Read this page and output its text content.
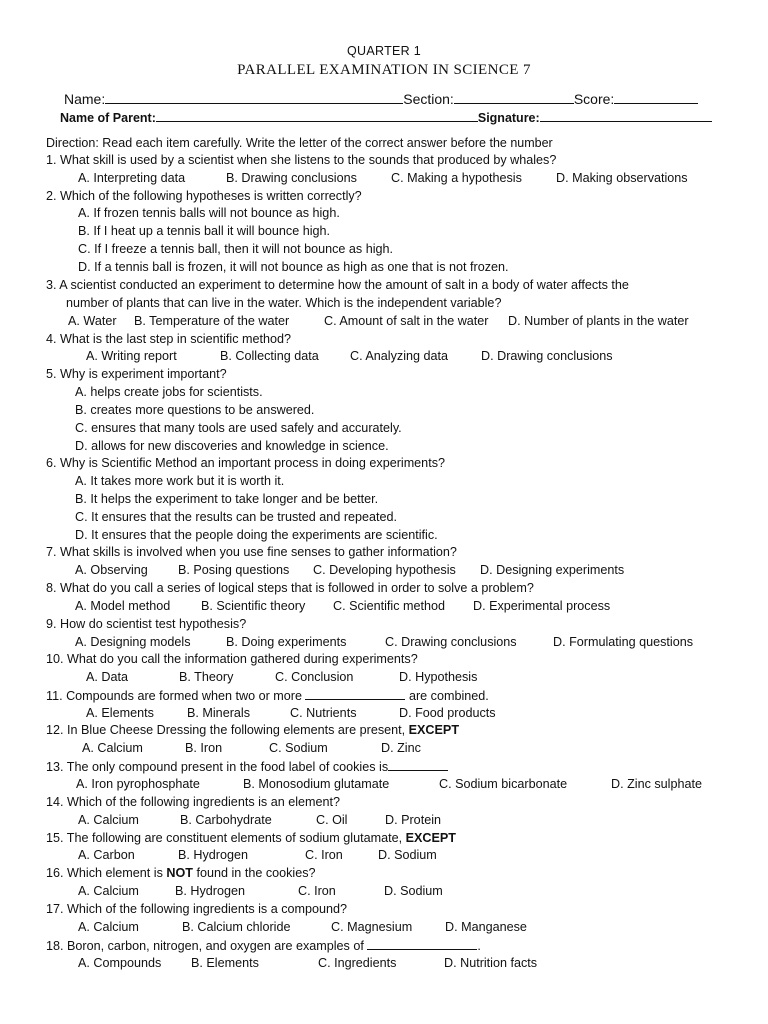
QUARTER 1
PARALLEL EXAMINATION IN SCIENCE 7
Name:	Section:	Score:
Name of Parent:	Signature:
Direction: Read each item carefully. Write the letter of the correct answer before the number
1. What skill is used by a scientist when she listens to the sounds that produced by whales?
A. Interpreting data	B. Drawing conclusions	C. Making a hypothesis	D. Making observations
2. Which of the following hypotheses is written correctly?
A. If frozen tennis balls will not bounce as high.
B. If I heat up a tennis ball it will bounce high.
C. If I freeze a tennis ball, then it will not bounce as high.
D. If a tennis ball is frozen, it will not bounce as high as one that is not frozen.
3. A scientist conducted an experiment to determine how the amount of salt in a body of water affects the
number of plants that can live in the water. Which is the independent variable?
A. Water B. Temperature of the water	C. Amount of salt in the water D. Number of plants in the water
4. What is the last step in scientific method?
A. Writing report	B. Collecting data C. Analyzing data	D. Drawing conclusions
5. Why is experiment important?
A. helps create jobs for scientists.
B. creates more questions to be answered.
C. ensures that many tools are used safely and accurately.
D. allows for new discoveries and knowledge in science.
6. Why is Scientific Method an important process in doing experiments?
A. It takes more work but it is worth it.
B. It helps the experiment to take longer and be better.
C. It ensures that the results can be trusted and repeated.
D. It ensures that the people doing the experiments are scientific.
7. What skills is involved when you use fine senses to gather information?
A. Observing B. Posing questions C. Developing hypothesis D. Designing experiments
8. What do you call a series of logical steps that is followed in order to solve a problem?
A. Model method B. Scientific theory C. Scientific method D. Experimental process
9. How do scientist test hypothesis?
A. Designing models	B. Doing experiments	C. Drawing conclusions	D. Formulating questions
10. What do you call the information gathered during experiments?
A. Data	B. Theory	C. Conclusion	D. Hypothesis
11. Compounds are formed when two or more	are combined.
A. Elements	B. Minerals	C. Nutrients	D. Food products
12. In Blue Cheese Dressing the following elements are present, EXCEPT
A. Calcium	B. Iron	C. Sodium	D. Zinc
13. The only compound present in the food label of cookies is
A. Iron pyrophosphate	B. Monosodium glutamate	C. Sodium bicarbonate	D. Zinc sulphate
14. Which of the following ingredients is an element?
A. Calcium	B. Carbohydrate	C. Oil	D. Protein
15. The following are constituent elements of sodium glutamate, EXCEPT
A. Carbon	B. Hydrogen	C. Iron	D. Sodium
16. Which element is NOT found in the cookies?
A. Calcium	B. Hydrogen	C. Iron	D. Sodium
17. Which of the following ingredients is a compound?
A. Calcium	B. Calcium chloride	C. Magnesium	D. Manganese
18. Boron, carbon, nitrogen, and oxygen are examples of	.
A. Compounds B. Elements	C. Ingredients	D. Nutrition facts
